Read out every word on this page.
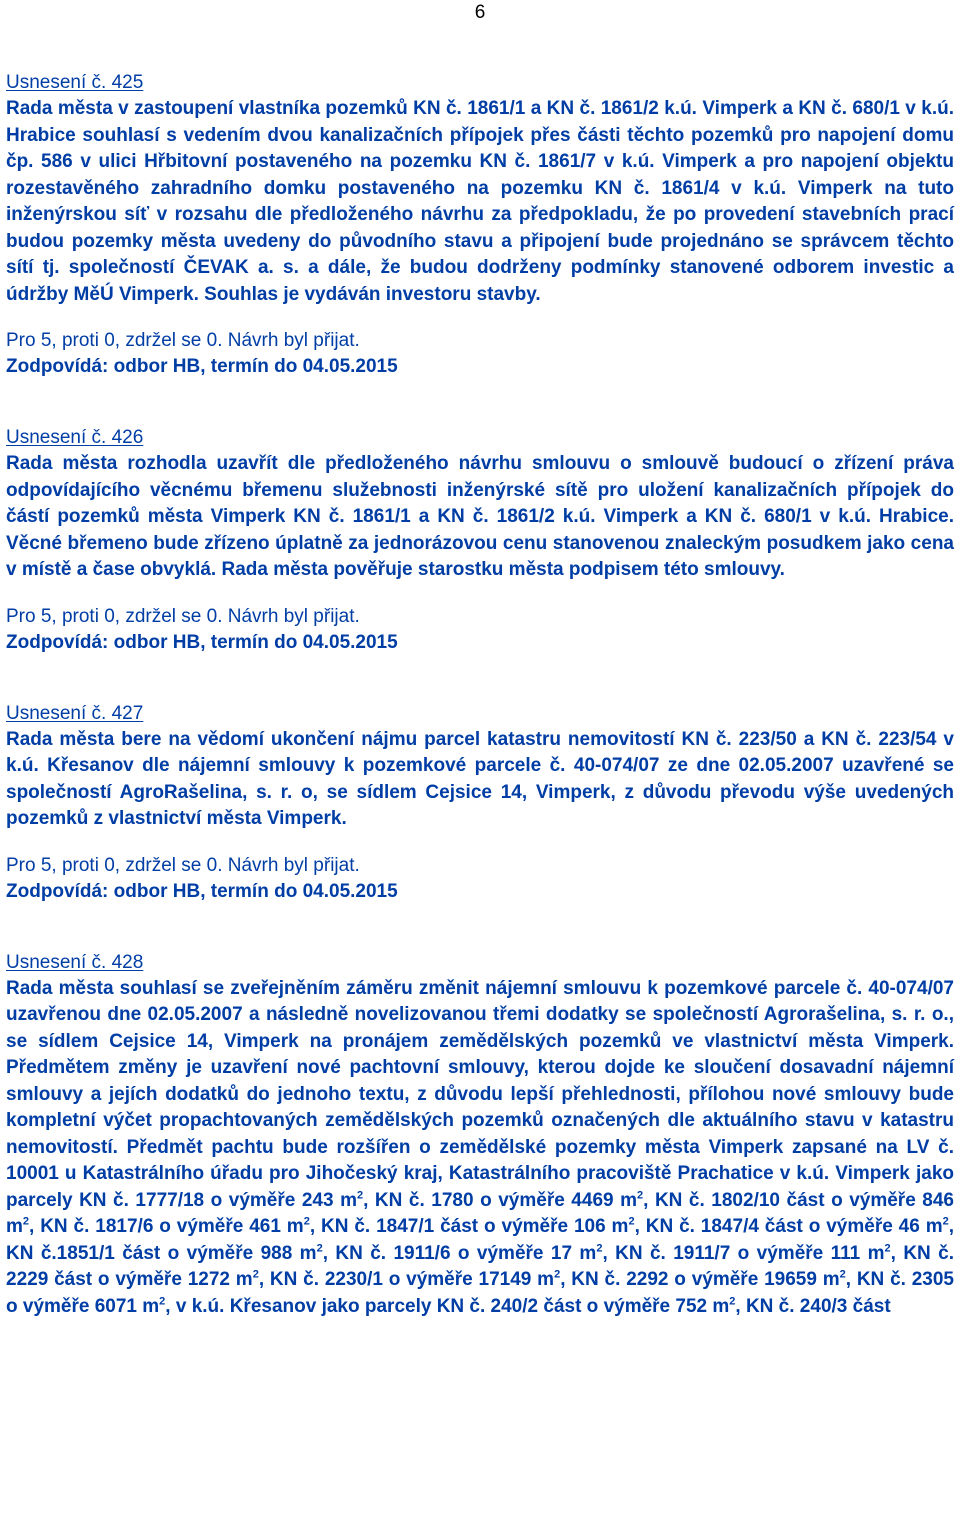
6
Usnesení č. 425
Rada města v zastoupení vlastníka pozemků KN č. 1861/1 a KN č. 1861/2 k.ú. Vimperk a KN č. 680/1 v k.ú. Hrabice souhlasí s vedením dvou kanalizačních přípojek přes části těchto pozemků pro napojení domu čp. 586 v ulici Hřbitovní postaveného na pozemku KN č. 1861/7 v k.ú. Vimperk a pro napojení objektu rozestavěného zahradního domku postaveného na pozemku KN č. 1861/4 v k.ú. Vimperk na tuto inženýrskou síť v rozsahu dle předloženého návrhu za předpokladu, že po provedení stavebních prací budou pozemky města uvedeny do původního stavu a připojení bude projednáno se správcem těchto sítí tj. společností ČEVAK a. s. a dále, že budou dodrženy podmínky stanovené odborem investic a údržby MěÚ Vimperk. Souhlas je vydáván investoru stavby.
Pro 5, proti 0, zdržel se 0. Návrh byl přijat.
Zodpovídá: odbor HB, termín do 04.05.2015
Usnesení č. 426
Rada města rozhodla uzavřít dle předloženého návrhu smlouvu o smlouvě budoucí o zřízení práva odpovídajícího věcnému břemenu služebnosti inženýrské sítě pro uložení kanalizačních přípojek do částí pozemků města Vimperk KN č. 1861/1 a KN č. 1861/2 k.ú. Vimperk a KN č. 680/1 v k.ú. Hrabice. Věcné břemeno bude zřízeno úplatně za jednorázovou cenu stanovenou znaleckým posudkem jako cena v místě a čase obvyklá. Rada města pověřuje starostku města podpisem této smlouvy.
Pro 5, proti 0, zdržel se 0. Návrh byl přijat.
Zodpovídá: odbor HB, termín do 04.05.2015
Usnesení č. 427
Rada města bere na vědomí ukončení nájmu parcel katastru nemovitostí KN č. 223/50 a KN č. 223/54 v k.ú. Křesanov dle nájemní smlouvy k pozemkové parcele č. 40-074/07 ze dne 02.05.2007 uzavřené se společností AgroRašelina, s. r. o, se sídlem Cejsice 14, Vimperk, z důvodu převodu výše uvedených pozemků z vlastnictví města Vimperk.
Pro 5, proti 0, zdržel se 0. Návrh byl přijat.
Zodpovídá: odbor HB, termín do 04.05.2015
Usnesení č. 428
Rada města souhlasí se zveřejněním záměru změnit nájemní smlouvu k pozemkové parcele č. 40-074/07 uzavřenou dne 02.05.2007 a následně novelizovanou třemi dodatky se společností Agrorašelina, s. r. o., se sídlem Cejsice 14, Vimperk na pronájem zemědělských pozemků ve vlastnictví města Vimperk. Předmětem změny je uzavření nové pachtovní smlouvy, kterou dojde ke sloučení dosavadní nájemní smlouvy a jejích dodatků do jednoho textu, z důvodu lepší přehlednosti, přílohou nové smlouvy bude kompletní výčet propachtovaných zemědělských pozemků označených dle aktuálního stavu v katastru nemovitostí. Předmět pachtu bude rozšířen o zemědělské pozemky města Vimperk zapsané na LV č. 10001 u Katastrálního úřadu pro Jihočeský kraj, Katastrálního pracoviště Prachatice v k.ú. Vimperk jako parcely KN č. 1777/18 o výměře 243 $m^2$, KN č. 1780 o výměře 4469 $m^2$, KN č. 1802/10 část o výměře 846 $m^2$, KN č. 1817/6 o výměře 461 $m^2$, KN č. 1847/1 část o výměře 106 $m^2$, KN č. 1847/4 část o výměře 46 $m^2$, KN č.1851/1 část o výměře 988 $m^2$, KN č. 1911/6 o výměře 17 $m^2$, KN č. 1911/7 o výměře 111 $m^2$, KN č. 2229 část o výměře 1272 $m^2$, KN č. 2230/1 o výměře 17149 $m^2$, KN č. 2292 o výměře 19659 $m^2$, KN č. 2305 o výměře 6071 $m^2$, v k.ú. Křesanov jako parcely KN č. 240/2 část o výměře 752 $m^2$, KN č. 240/3 část
